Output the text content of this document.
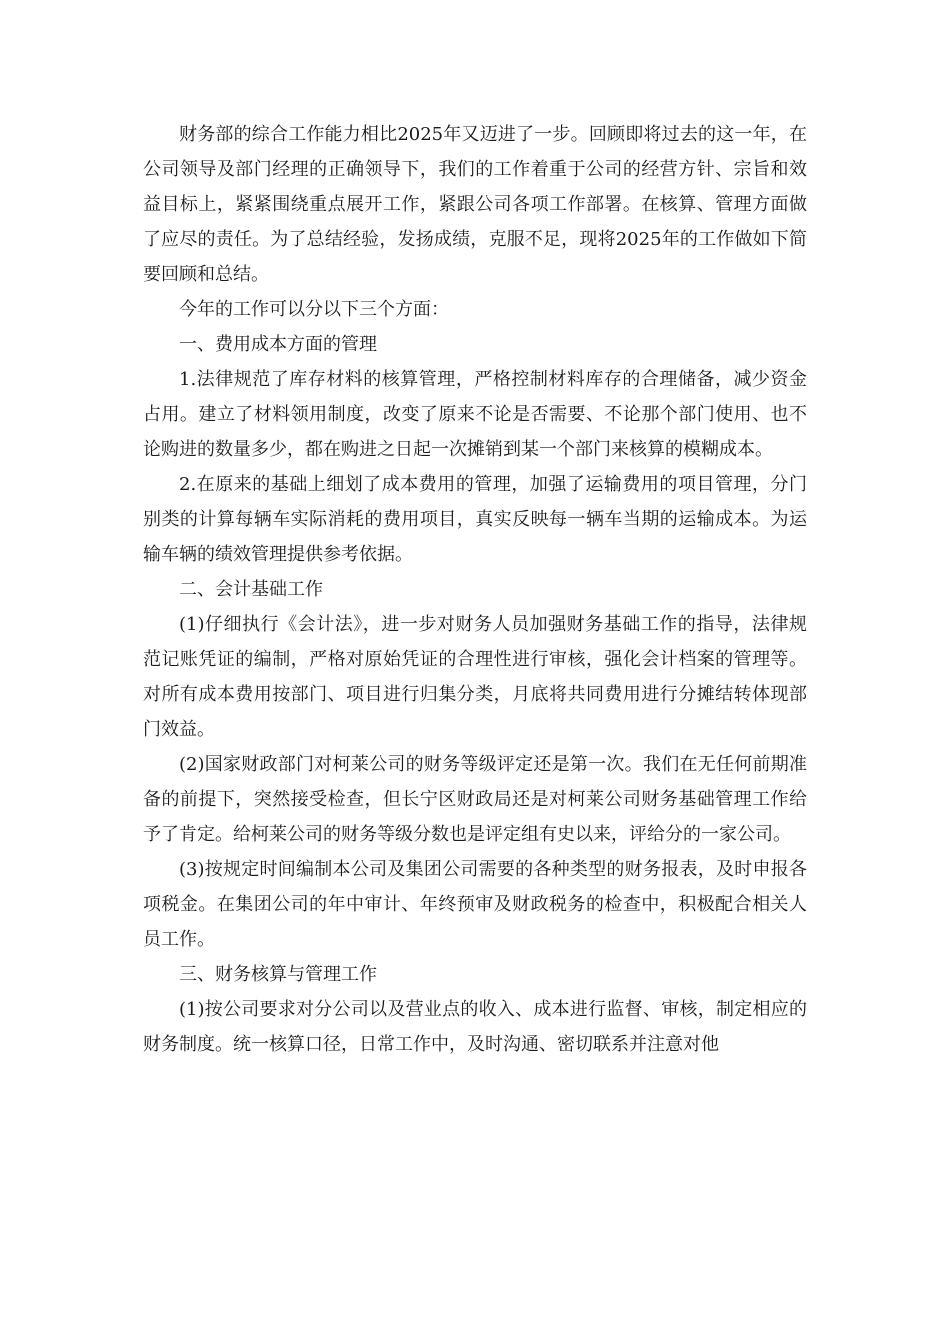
财务部的综合工作能力相比2025年又迈进了一步。回顾即将过去的这一年，在公司领导及部门经理的正确领导下，我们的工作着重于公司的经营方针、宗旨和效益目标上，紧紧围绕重点展开工作，紧跟公司各项工作部署。在核算、管理方面做了应尽的责任。为了总结经验，发扬成绩，克服不足，现将2025年的工作做如下简要回顾和总结。

今年的工作可以分以下三个方面：

一、费用成本方面的管理

1.法律规范了库存材料的核算管理，严格控制材料库存的合理储备，减少资金占用。建立了材料领用制度，改变了原来不论是否需要、不论那个部门使用、也不论购进的数量多少，都在购进之日起一次摊销到某一个部门来核算的模糊成本。

2.在原来的基础上细划了成本费用的管理，加强了运输费用的项目管理，分门别类的计算每辆车实际消耗的费用项目，真实反映每一辆车当期的运输成本。为运输车辆的绩效管理提供参考依据。

二、会计基础工作

(1)仔细执行《会计法》，进一步对财务人员加强财务基础工作的指导，法律规范记账凭证的编制，严格对原始凭证的合理性进行审核，强化会计档案的管理等。对所有成本费用按部门、项目进行归集分类，月底将共同费用进行分摊结转体现部门效益。

(2)国家财政部门对柯莱公司的财务等级评定还是第一次。我们在无任何前期准备的前提下，突然接受检查，但长宁区财政局还是对柯莱公司财务基础管理工作给予了肯定。给柯莱公司的财务等级分数也是评定组有史以来，评给分的一家公司。

(3)按规定时间编制本公司及集团公司需要的各种类型的财务报表，及时申报各项税金。在集团公司的年中审计、年终预审及财政税务的检查中，积极配合相关人员工作。

三、财务核算与管理工作

(1)按公司要求对分公司以及营业点的收入、成本进行监督、审核，制定相应的财务制度。统一核算口径，日常工作中，及时沟通、密切联系并注意对他
